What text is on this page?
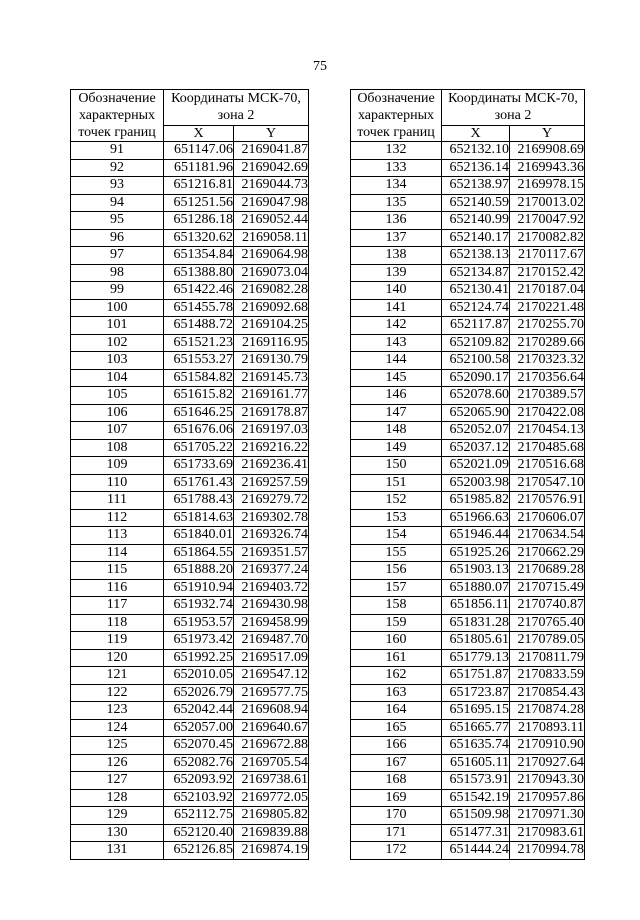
75
Обозначение характерных точек границ	Координаты МСК-70, зона 2	
	X	Y
91	651147.06	2169041.87
92	651181.96	2169042.69
93	651216.81	2169044.73
94	651251.56	2169047.98
95	651286.18	2169052.44
96	651320.62	2169058.11
97	651354.84	2169064.98
98	651388.80	2169073.04
99	651422.46	2169082.28
100	651455.78	2169092.68
101	651488.72	2169104.25
102	651521.23	2169116.95
103	651553.27	2169130.79
104	651584.82	2169145.73
105	651615.82	2169161.77
106	651646.25	2169178.87
107	651676.06	2169197.03
108	651705.22	2169216.22
109	651733.69	2169236.41
110	651761.43	2169257.59
111	651788.43	2169279.72
112	651814.63	2169302.78
113	651840.01	2169326.74
114	651864.55	2169351.57
115	651888.20	2169377.24
116	651910.94	2169403.72
117	651932.74	2169430.98
118	651953.57	2169458.99
119	651973.42	2169487.70
120	651992.25	2169517.09
121	652010.05	2169547.12
122	652026.79	2169577.75
123	652042.44	2169608.94
124	652057.00	2169640.67
125	652070.45	2169672.88
126	652082.76	2169705.54
127	652093.92	2169738.61
128	652103.92	2169772.05
129	652112.75	2169805.82
130	652120.40	2169839.88
131	652126.85	2169874.19
Обозначение характерных точек границ	Координаты МСК-70, зона 2	
	X	Y
132	652132.10	2169908.69
133	652136.14	2169943.36
134	652138.97	2169978.15
135	652140.59	2170013.02
136	652140.99	2170047.92
137	652140.17	2170082.82
138	652138.13	2170117.67
139	652134.87	2170152.42
140	652130.41	2170187.04
141	652124.74	2170221.48
142	652117.87	2170255.70
143	652109.82	2170289.66
144	652100.58	2170323.32
145	652090.17	2170356.64
146	652078.60	2170389.57
147	652065.90	2170422.08
148	652052.07	2170454.13
149	652037.12	2170485.68
150	652021.09	2170516.68
151	652003.98	2170547.10
152	651985.82	2170576.91
153	651966.63	2170606.07
154	651946.44	2170634.54
155	651925.26	2170662.29
156	651903.13	2170689.28
157	651880.07	2170715.49
158	651856.11	2170740.87
159	651831.28	2170765.40
160	651805.61	2170789.05
161	651779.13	2170811.79
162	651751.87	2170833.59
163	651723.87	2170854.43
164	651695.15	2170874.28
165	651665.77	2170893.11
166	651635.74	2170910.90
167	651605.11	2170927.64
168	651573.91	2170943.30
169	651542.19	2170957.86
170	651509.98	2170971.30
171	651477.31	2170983.61
172	651444.24	2170994.78
